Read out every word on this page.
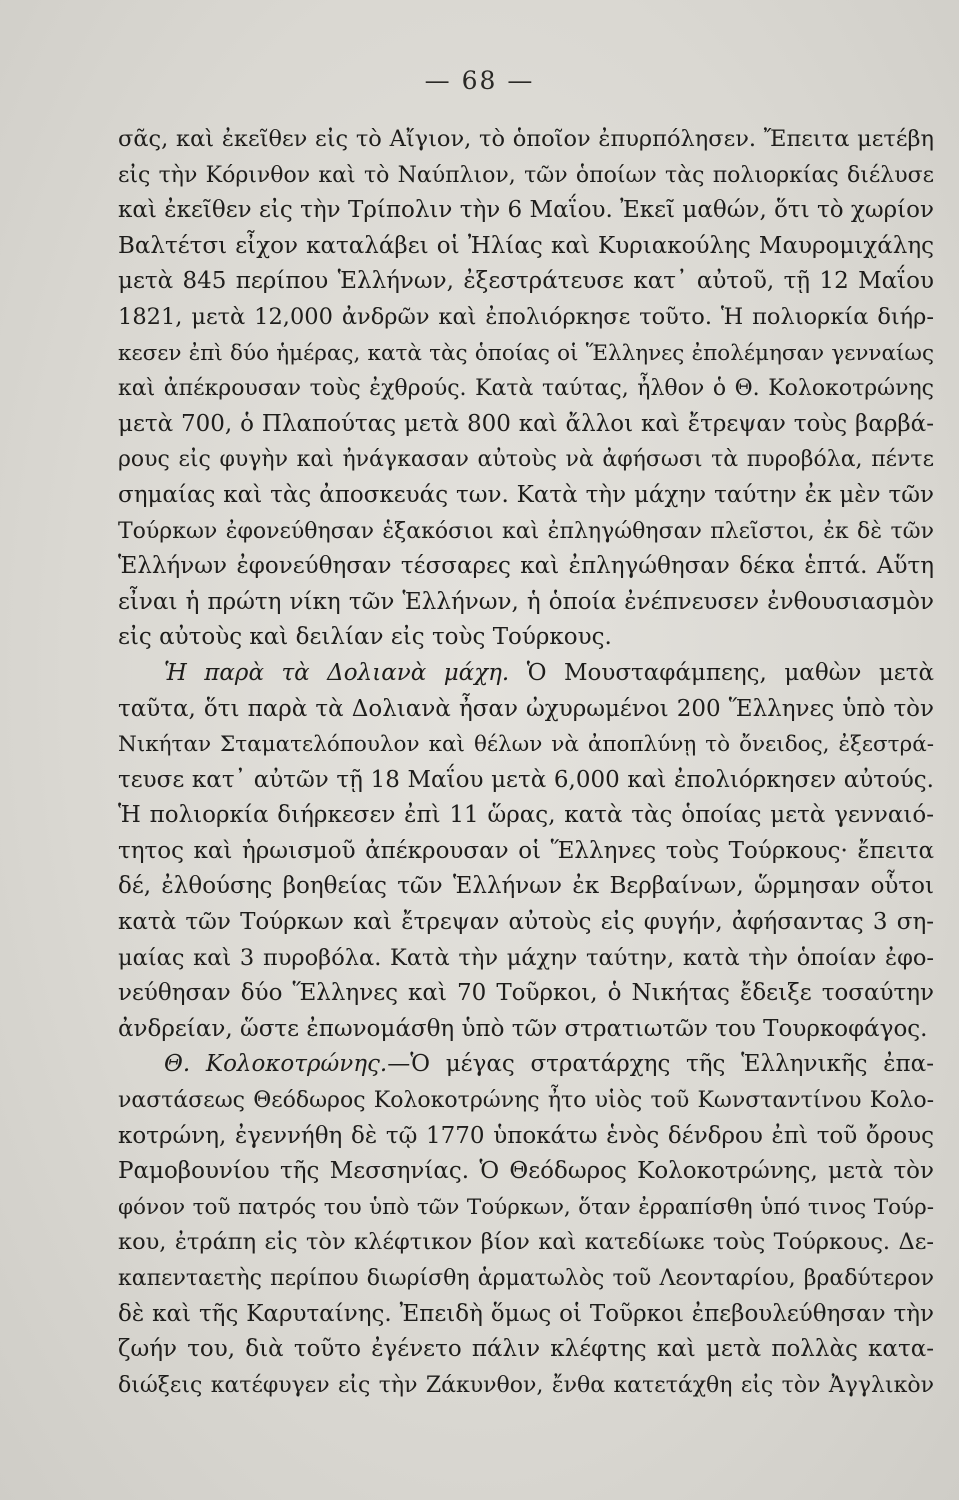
— 68 —
σᾶς, καὶ ἐκεῖθεν εἰς τὸ Αἴγιον, τὸ ὁποῖον ἐπυρπόλησεν. Ἔπειτα μετέβη
εἰς τὴν Κόρινθον καὶ τὸ Ναύπλιον, τῶν ὁποίων τὰς πολιορκίας διέλυσε
καὶ ἐκεῖθεν εἰς τὴν Τρίπολιν τὴν 6 Μαΐου. Ἐκεῖ μαθών, ὅτι τὸ χωρίον
Βαλτέτσι εἶχον καταλάβει οἱ Ἠλίας καὶ Κυριακούλης Μαυρομιχάλης
μετὰ 845 περίπου Ἑλλήνων, ἐξεστράτευσε κατ᾽ αὐτοῦ, τῇ 12 Μαΐου
1821, μετὰ 12,000 ἀνδρῶν καὶ ἐπολιόρκησε τοῦτο. Ἡ πολιορκία διήρ-
κεσεν ἐπὶ δύο ἡμέρας, κατὰ τὰς ὁποίας οἱ Ἕλληνες ἐπολέμησαν γενναίως
καὶ ἀπέκρουσαν τοὺς ἐχθρούς. Κατὰ ταύτας, ἦλθον ὁ Θ. Κολοκοτρώνης
μετὰ 700, ὁ Πλαπούτας μετὰ 800 καὶ ἄλλοι καὶ ἔτρεψαν τοὺς βαρβά-
ρους εἰς φυγὴν καὶ ἠνάγκασαν αὐτοὺς νὰ ἀφήσωσι τὰ πυροβόλα, πέντε
σημαίας καὶ τὰς ἀποσκευάς των. Κατὰ τὴν μάχην ταύτην ἐκ μὲν τῶν
Τούρκων ἐφονεύθησαν ἑξακόσιοι καὶ ἐπληγώθησαν πλεῖστοι, ἐκ δὲ τῶν
Ἑλλήνων ἐφονεύθησαν τέσσαρες καὶ ἐπληγώθησαν δέκα ἑπτά. Αὕτη
εἶναι ἡ πρώτη νίκη τῶν Ἑλλήνων, ἡ ὁποία ἐνέπνευσεν ἐνθουσιασμὸν
εἰς αὐτοὺς καὶ δειλίαν εἰς τοὺς Τούρκους.
Ἡ παρὰ τὰ Δολιανὰ μάχη. Ὁ Μουσταφάμπεης, μαθὼν μετὰ
ταῦτα, ὅτι παρὰ τὰ Δολιανὰ ἦσαν ὠχυρωμένοι 200 Ἕλληνες ὑπὸ τὸν
Νικήταν Σταματελόπουλον καὶ θέλων νὰ ἀποπλύνῃ τὸ ὄνειδος, ἐξεστρά-
τευσε κατ᾽ αὐτῶν τῇ 18 Μαΐου μετὰ 6,000 καὶ ἐπολιόρκησεν αὐτούς.
Ἡ πολιορκία διήρκεσεν ἐπὶ 11 ὥρας, κατὰ τὰς ὁποίας μετὰ γενναιό-
τητος καὶ ἡρωισμοῦ ἀπέκρουσαν οἱ Ἕλληνες τοὺς Τούρκους· ἔπειτα
δέ, ἐλθούσης βοηθείας τῶν Ἑλλήνων ἐκ Βερβαίνων, ὥρμησαν οὗτοι
κατὰ τῶν Τούρκων καὶ ἔτρεψαν αὐτοὺς εἰς φυγήν, ἀφήσαντας 3 ση-
μαίας καὶ 3 πυροβόλα. Κατὰ τὴν μάχην ταύτην, κατὰ τὴν ὁποίαν ἐφο-
νεύθησαν δύο Ἕλληνες καὶ 70 Τοῦρκοι, ὁ Νικήτας ἔδειξε τοσαύτην
ἀνδρείαν, ὥστε ἐπωνομάσθη ὑπὸ τῶν στρατιωτῶν του Τουρκοφάγος.
Θ. Κολοκοτρώνης.—Ὁ μέγας στρατάρχης τῆς Ἑλληνικῆς ἐπα-
ναστάσεως Θεόδωρος Κολοκοτρώνης ἦτο υἱὸς τοῦ Κωνσταντίνου Κολο-
κοτρώνη, ἐγεννήθη δὲ τῷ 1770 ὑποκάτω ἑνὸς δένδρου ἐπὶ τοῦ ὄρους
Ραμοβουνίου τῆς Μεσσηνίας. Ὁ Θεόδωρος Κολοκοτρώνης, μετὰ τὸν
φόνον τοῦ πατρός του ὑπὸ τῶν Τούρκων, ὅταν ἐρραπίσθη ὑπό τινος Τούρ-
κου, ἐτράπη εἰς τὸν κλέφτικον βίον καὶ κατεδίωκε τοὺς Τούρκους. Δε-
καπενταετὴς περίπου διωρίσθη ἁρματωλὸς τοῦ Λεονταρίου, βραδύτερον
δὲ καὶ τῆς Καρυταίνης. Ἐπειδὴ ὅμως οἱ Τοῦρκοι ἐπεβουλεύθησαν τὴν
ζωήν του, διὰ τοῦτο ἐγένετο πάλιν κλέφτης καὶ μετὰ πολλὰς κατα-
διώξεις κατέφυγεν εἰς τὴν Ζάκυνθον, ἔνθα κατετάχθη εἰς τὸν Ἀγγλικὸν
